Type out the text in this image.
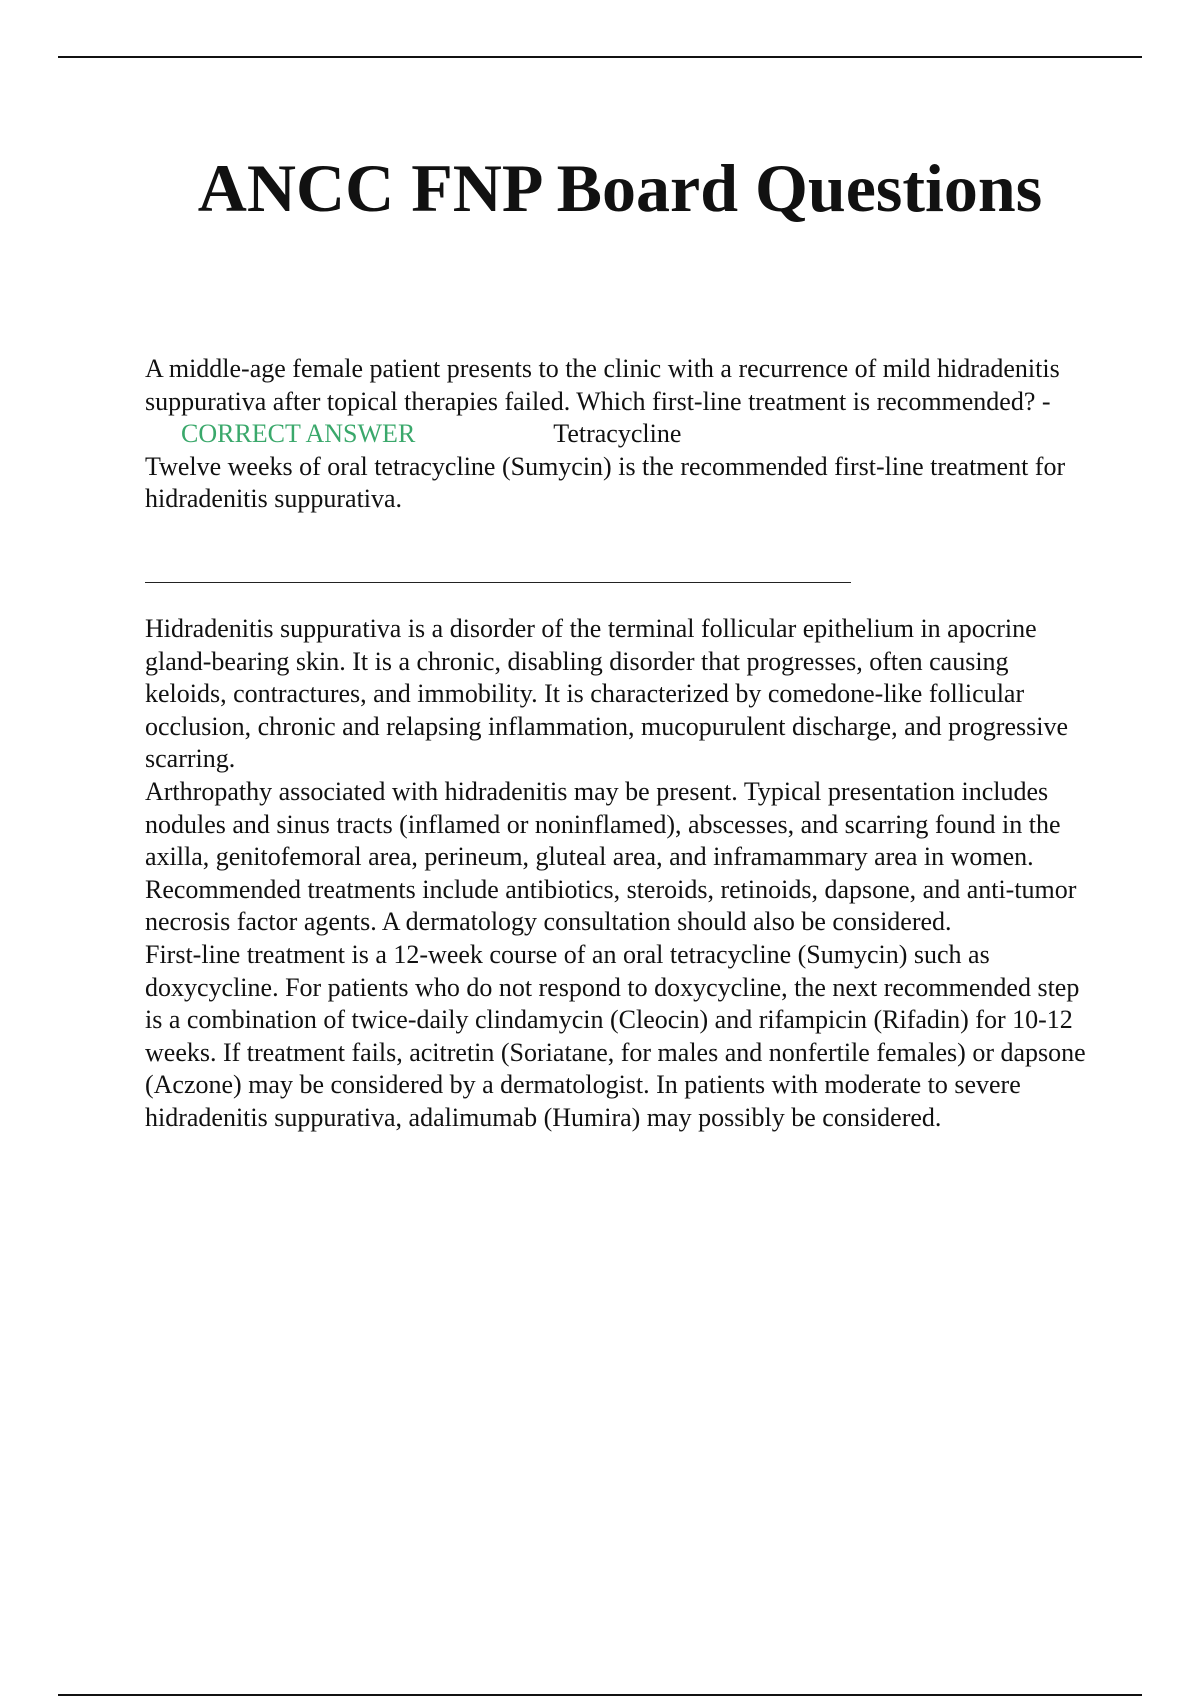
ANCC FNP Board Questions

A middle-age female patient presents to the clinic with a recurrence of mild hidradenitis suppurativa after topical therapies failed. Which first-line treatment is recommended? -CORRECT ANSWER	Tetracycline

Twelve weeks of oral tetracycline (Sumycin) is the recommended first-line treatment for hidradenitis suppurativa.

Hidradenitis suppurativa is a disorder of the terminal follicular epithelium in apocrine gland-bearing skin. It is a chronic, disabling disorder that progresses, often causing keloids, contractures, and immobility. It is characterized by comedone-like follicular occlusion, chronic and relapsing inflammation, mucopurulent discharge, and progressive scarring.

Arthropathy associated with hidradenitis may be present. Typical presentation includes nodules and sinus tracts (inflamed or noninflamed), abscesses, and scarring found in the axilla, genitofemoral area, perineum, gluteal area, and inframammary area in women.

Recommended treatments include antibiotics, steroids, retinoids, dapsone, and anti-tumor necrosis factor agents. A dermatology consultation should also be considered.

First-line treatment is a 12-week course of an oral tetracycline (Sumycin) such as doxycycline. For patients who do not respond to doxycycline, the next recommended step is a combination of twice-daily clindamycin (Cleocin) and rifampicin (Rifadin) for 10-12 weeks. If treatment fails, acitretin (Soriatane, for males and nonfertile females) or dapsone (Aczone) may be considered by a dermatologist. In patients with moderate to severe hidradenitis suppurativa, adalimumab (Humira) may possibly be considered.
